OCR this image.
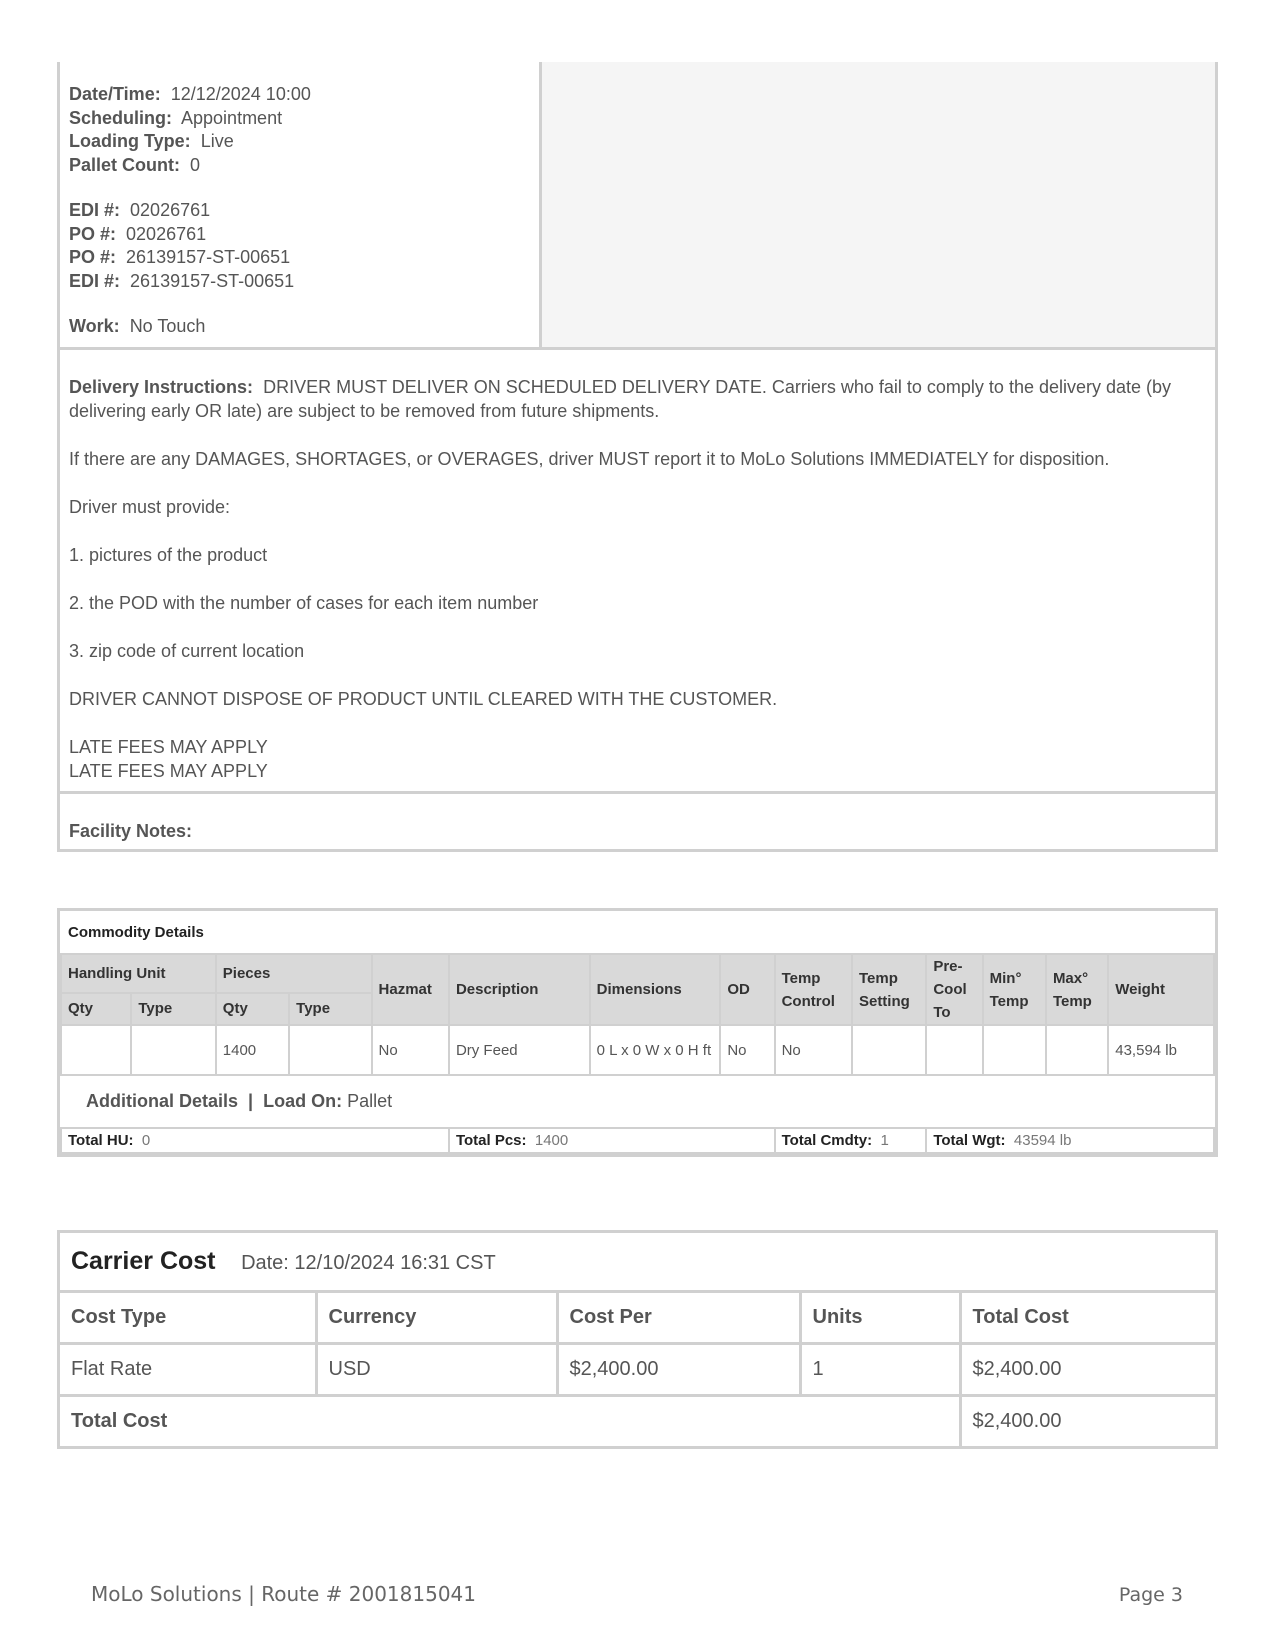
Date/Time: 12/12/2024 10:00
Scheduling: Appointment
Loading Type: Live
Pallet Count: 0
EDI #: 02026761
PO #: 02026761
PO #: 26139157-ST-00651
EDI #: 26139157-ST-00651
Work: No Touch

Delivery Instructions: DRIVER MUST DELIVER ON SCHEDULED DELIVERY DATE. Carriers who fail to comply to the delivery date (by delivering early OR late) are subject to be removed from future shipments.

If there are any DAMAGES, SHORTAGES, or OVERAGES, driver MUST report it to MoLo Solutions IMMEDIATELY for disposition.

Driver must provide:

1. pictures of the product

2. the POD with the number of cases for each item number

3. zip code of current location

DRIVER CANNOT DISPOSE OF PRODUCT UNTIL CLEARED WITH THE CUSTOMER.

LATE FEES MAY APPLY

LATE FEES MAY APPLY

Facility Notes:
Commodity Details													
Handling Unit		Pieces		Hazmat	Description	Dimensions	OD	Temp Control	Temp Setting	Pre-Cool To	Min° Temp	Max° Temp	Weight
Qty	Type	Qty	Type										
		1400		No	Dry Feed	0 L x 0 W x 0 H ft	No	No					43,594 lb
Additional Details  |  Load On: Pallet													
Total HU: 0					Total Pcs: 1400			Total Cmdty: 1		Total Wgt: 43594 lb			
Carrier Cost Date: 12/10/2024 16:31 CST				
Cost Type	Currency	Cost Per	Units	Total Cost
Flat Rate	USD	$2,400.00	1	$2,400.00
Total Cost				$2,400.00
MoLo Solutions | Route # 2001815041	Page 3
